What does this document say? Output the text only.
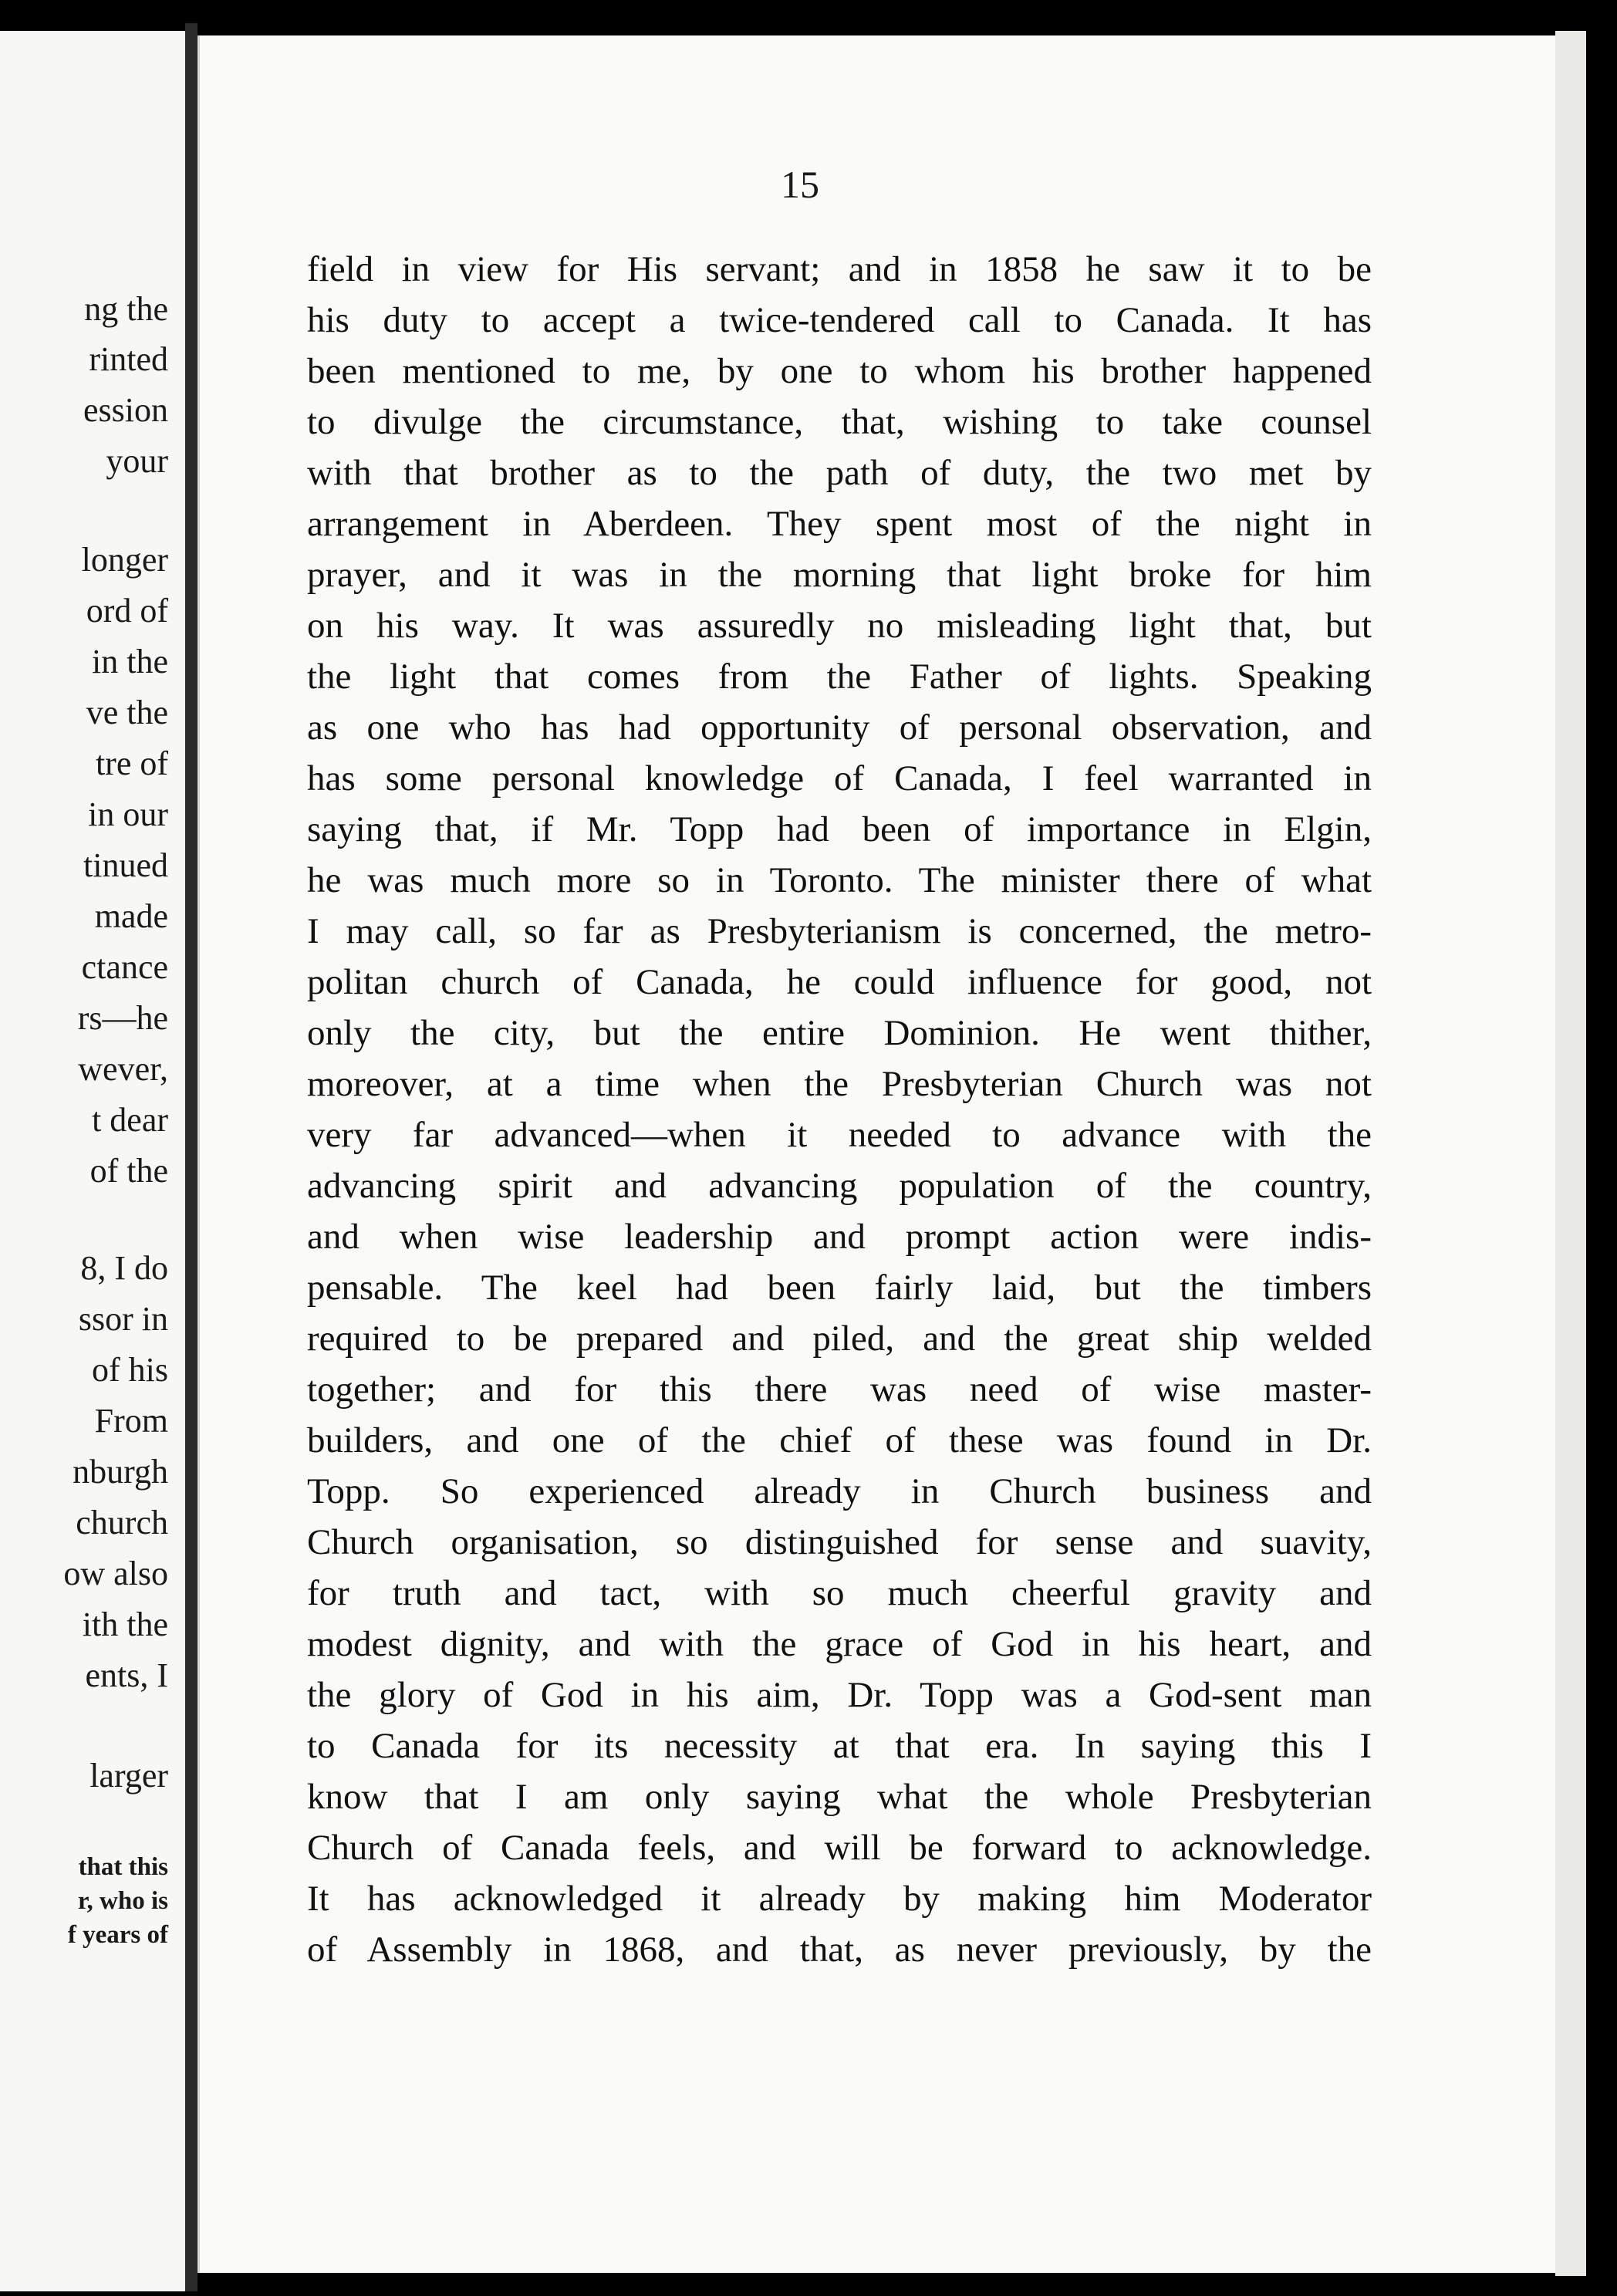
ng the
rinted
ession
your
longer
ord of
in the
ve the
tre of
in our
tinued
made
ctance
rs—he
wever,
t dear
of the
8, I do
ssor in
of his
From
nburgh
church
ow also
ith the
ents, I
larger
that this
r, who is
f years of
15
field in view for His servant; and in 1858 he saw it to be
his duty to accept a twice-tendered call to Canada. It has
been mentioned to me, by one to whom his brother happened
to divulge the circumstance, that, wishing to take counsel
with that brother as to the path of duty, the two met by
arrangement in Aberdeen. They spent most of the night in
prayer, and it was in the morning that light broke for him
on his way. It was assuredly no misleading light that, but
the light that comes from the Father of lights. Speaking
as one who has had opportunity of personal observation, and
has some personal knowledge of Canada, I feel warranted in
saying that, if Mr. Topp had been of importance in Elgin,
he was much more so in Toronto. The minister there of what
I may call, so far as Presbyterianism is concerned, the metro-
politan church of Canada, he could influence for good, not
only the city, but the entire Dominion. He went thither,
moreover, at a time when the Presbyterian Church was not
very far advanced—when it needed to advance with the
advancing spirit and advancing population of the country,
and when wise leadership and prompt action were indis-
pensable. The keel had been fairly laid, but the timbers
required to be prepared and piled, and the great ship welded
together; and for this there was need of wise master-
builders, and one of the chief of these was found in Dr.
Topp. So experienced already in Church business and
Church organisation, so distinguished for sense and suavity,
for truth and tact, with so much cheerful gravity and
modest dignity, and with the grace of God in his heart, and
the glory of God in his aim, Dr. Topp was a God-sent man
to Canada for its necessity at that era. In saying this I
know that I am only saying what the whole Presbyterian
Church of Canada feels, and will be forward to acknowledge.
It has acknowledged it already by making him Moderator
of Assembly in 1868, and that, as never previously, by the
